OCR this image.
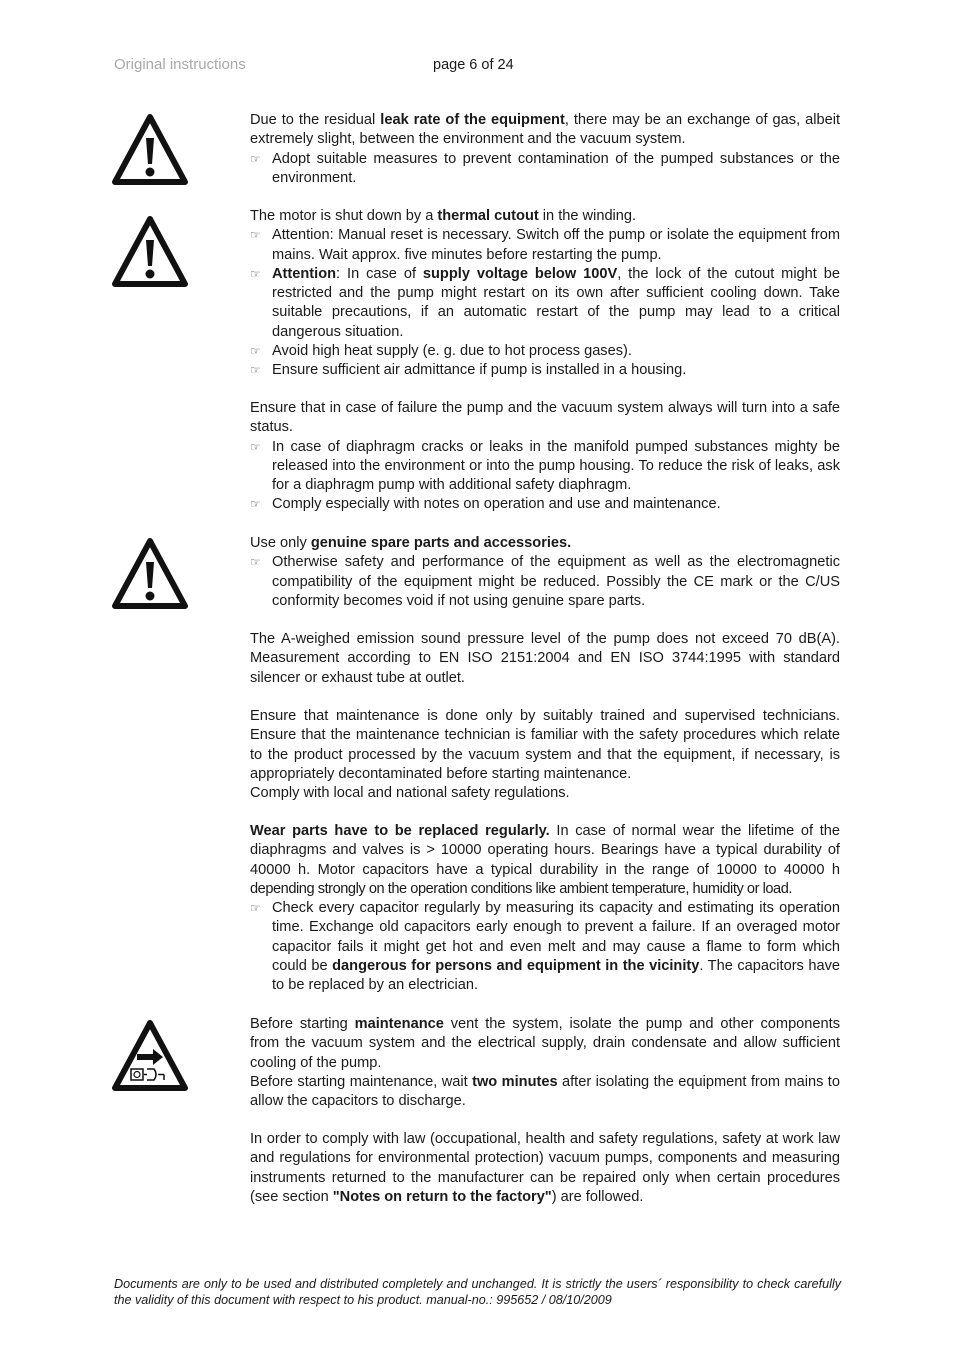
Original instructions	page 6 of 24

Due to the residual leak rate of the equipment, there may be an exchange of gas, albeit extremely slight, between the environment and the vacuum system.

☞ Adopt suitable measures to prevent contamination of the pumped substances or the environment.

The motor is shut down by a thermal cutout in the winding.

☞ Attention: Manual reset is necessary. Switch off the pump or isolate the equipment from mains. Wait approx. five minutes before restarting the pump.
☞ Attention: In case of supply voltage below 100V, the lock of the cutout might be restricted and the pump might restart on its own after sufficient cooling down. Take suitable precautions, if an automatic restart of the pump may lead to a critical dangerous situation.
☞ Avoid high heat supply (e. g. due to hot process gases).
☞ Ensure sufficient air admittance if pump is installed in a housing.

Ensure that in case of failure the pump and the vacuum system always will turn into a safe status.

☞ In case of diaphragm cracks or leaks in the manifold pumped substances mighty be released into the environment or into the pump housing. To reduce the risk of leaks, ask for a diaphragm pump with additional safety diaphragm.
☞ Comply especially with notes on operation and use and maintenance.

Use only genuine spare parts and accessories.

☞ Otherwise safety and performance of the equipment as well as the electromagnetic compatibility of the equipment might be reduced. Possibly the CE mark or the C/US conformity becomes void if not using genuine spare parts.

The A-weighed emission sound pressure level of the pump does not exceed 70 dB(A). Measurement according to EN ISO 2151:2004 and EN ISO 3744:1995 with standard silencer or exhaust tube at outlet.

Ensure that maintenance is done only by suitably trained and supervised technicians. Ensure that the maintenance technician is familiar with the safety procedures which relate to the product processed by the vacuum system and that the equipment, if necessary, is appropriately decontaminated before starting maintenance.

Comply with local and national safety regulations.

Wear parts have to be replaced regularly. In case of normal wear the lifetime of the diaphragms and valves is > 10000 operating hours. Bearings have a typical durability of 40000 h. Motor capacitors have a typical durability in the range of 10000 to 40000 h depending strongly on the operation conditions like ambient temperature, humidity or load.

☞ Check every capacitor regularly by measuring its capacity and estimating its operation time. Exchange old capacitors early enough to prevent a failure. If an overaged motor capacitor fails it might get hot and even melt and may cause a flame to form which could be dangerous for persons and equipment in the vicinity. The capacitors have to be replaced by an electrician.

Before starting maintenance vent the system, isolate the pump and other components from the vacuum system and the electrical supply, drain condensate and allow sufficient cooling of the pump.

Before starting maintenance, wait two minutes after isolating the equipment from mains to allow the capacitors to discharge.

In order to comply with law (occupational, health and safety regulations, safety at work law and regulations for environmental protection) vacuum pumps, components and measuring instruments returned to the manufacturer can be repaired only when certain procedures (see section "Notes on return to the factory") are followed.

Documents are only to be used and distributed completely and unchanged. It is strictly the users´ responsibility to check carefully the validity of this document with respect to his product. manual-no.: 995652 / 08/10/2009
